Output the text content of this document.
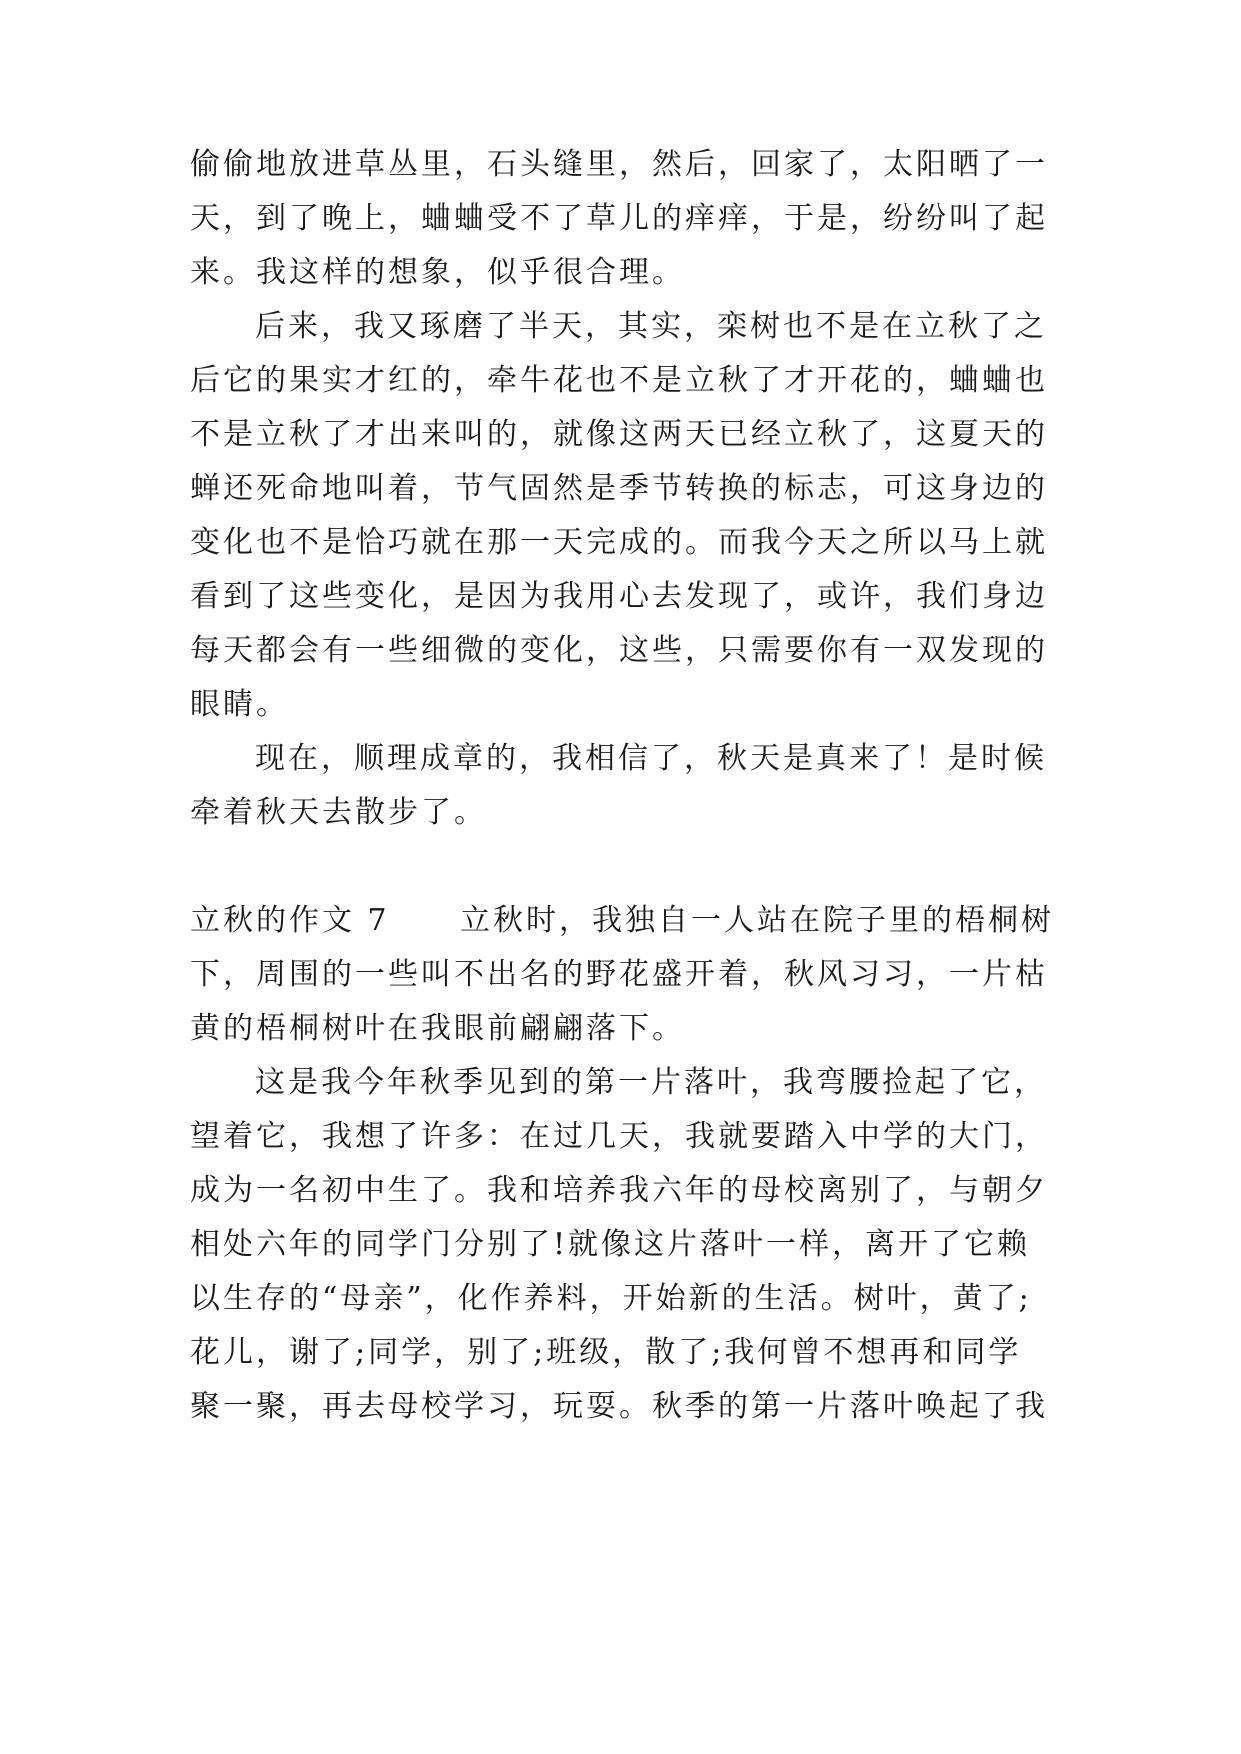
偷偷地放进草丛里，石头缝里，然后，回家了，太阳晒了一
天，到了晚上，蛐蛐受不了草儿的痒痒，于是，纷纷叫了起
来。我这样的想象，似乎很合理。
后来，我又琢磨了半天，其实，栾树也不是在立秋了之
后它的果实才红的，牵牛花也不是立秋了才开花的，蛐蛐也
不是立秋了才出来叫的，就像这两天已经立秋了，这夏天的
蝉还死命地叫着，节气固然是季节转换的标志，可这身边的
变化也不是恰巧就在那一天完成的。而我今天之所以马上就
看到了这些变化，是因为我用心去发现了，或许，我们身边
每天都会有一些细微的变化，这些，只需要你有一双发现的
眼睛。
现在，顺理成章的，我相信了，秋天是真来了！是时候
牵着秋天去散步了。
立秋的作文 7 立秋时，我独自一人站在院子里的梧桐树
下，周围的一些叫不出名的野花盛开着，秋风习习，一片枯
黄的梧桐树叶在我眼前翩翩落下。
这是我今年秋季见到的第一片落叶，我弯腰捡起了它，
望着它，我想了许多：在过几天，我就要踏入中学的大门，
成为一名初中生了。我和培养我六年的母校离别了，与朝夕
相处六年的同学门分别了!就像这片落叶一样，离开了它赖
以生存的“母亲”，化作养料，开始新的生活。树叶，黄了;
花儿，谢了;同学，别了;班级，散了;我何曾不想再和同学
聚一聚，再去母校学习，玩耍。秋季的第一片落叶唤起了我
